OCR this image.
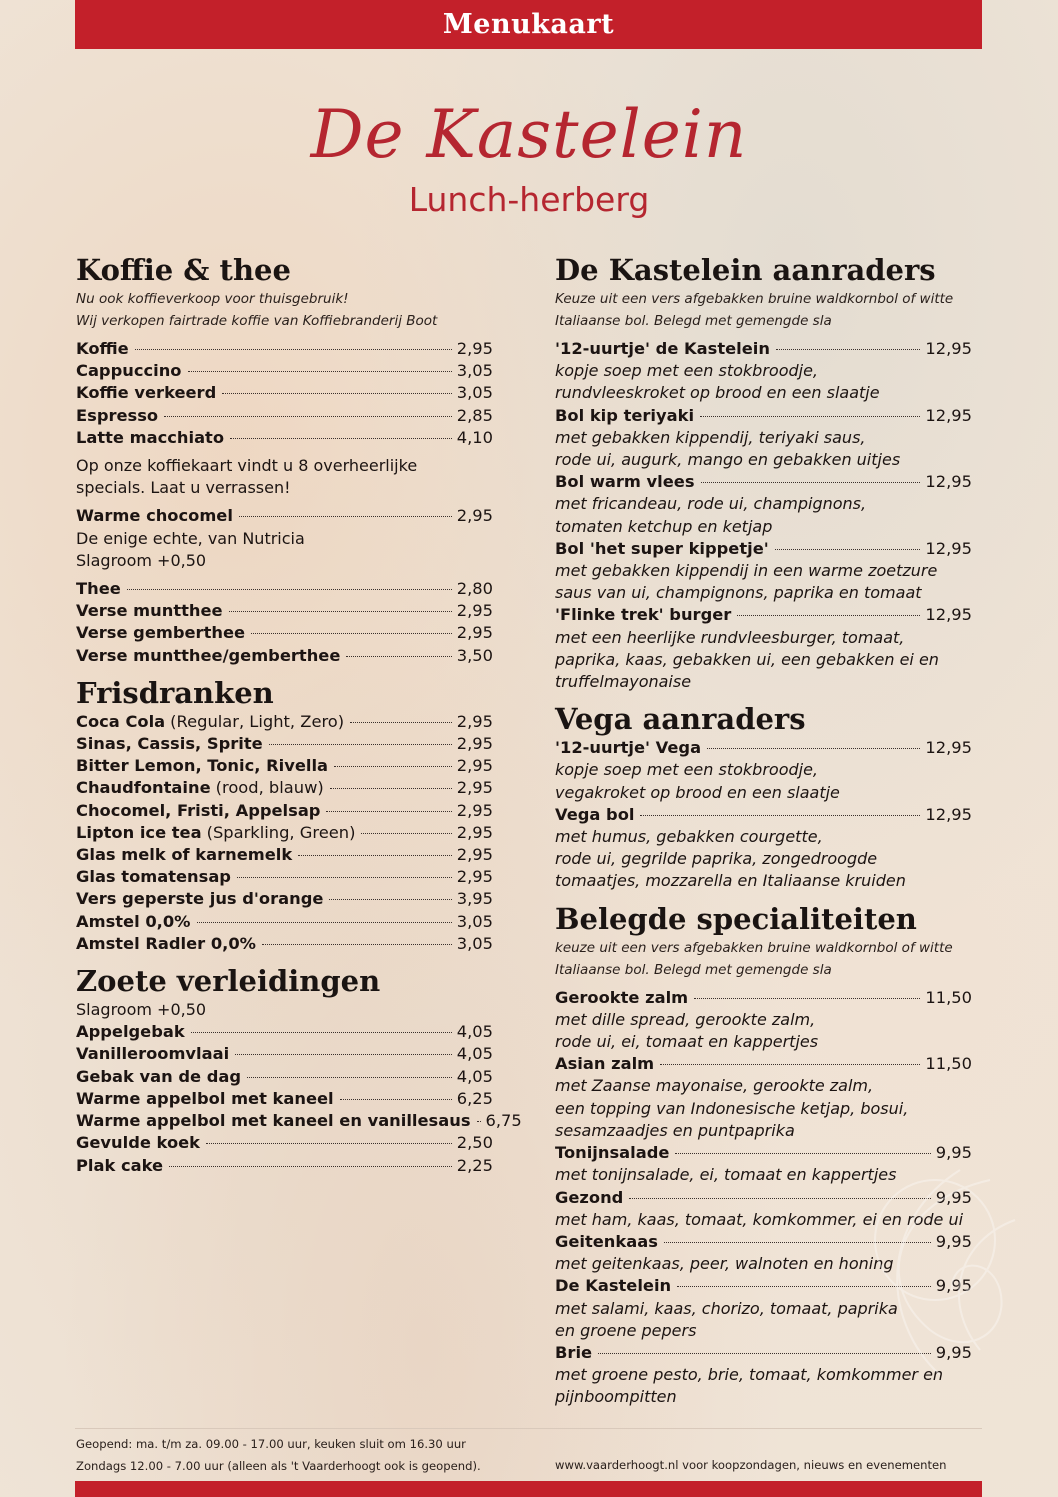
Menukaart
De Kastelein
Lunch-herberg
Koffie & thee
Nu ook koffieverkoop voor thuisgebruik!
Wij verkopen fairtrade koffie van Koffiebranderij Boot
Koffie	2,95
Cappuccino	3,05
Koffie verkeerd	3,05
Espresso	2,85
Latte macchiato	4,10
Op onze koffiekaart vindt u 8 overheerlijke
specials. Laat u verrassen!
Warme chocomel	2,95
De enige echte, van Nutricia
Slagroom +0,50
Thee	2,80
Verse muntthee	2,95
Verse gemberthee	2,95
Verse muntthee/gemberthee	3,50
Frisdranken
Coca Cola (Regular, Light, Zero)	2,95
Sinas, Cassis, Sprite	2,95
Bitter Lemon, Tonic, Rivella	2,95
Chaudfontaine (rood, blauw)	2,95
Chocomel, Fristi, Appelsap	2,95
Lipton ice tea (Sparkling, Green)	2,95
Glas melk of karnemelk	2,95
Glas tomatensap	2,95
Vers geperste jus d'orange	3,95
Amstel 0,0%	3,05
Amstel Radler 0,0%	3,05
Zoete verleidingen
Slagroom +0,50
Appelgebak	4,05
Vanilleroomvlaai	4,05
Gebak van de dag	4,05
Warme appelbol met kaneel	6,25
Warme appelbol met kaneel en vanillesaus 6,75
Gevulde koek	2,50
Plak cake	2,25
De Kastelein aanraders
Keuze uit een vers afgebakken bruine waldkornbol of witte
Italiaanse bol. Belegd met gemengde sla
'12-uurtje' de Kastelein	12,95
kopje soep met een stokbroodje,
rundvleeskroket op brood en een slaatje
Bol kip teriyaki	12,95
met gebakken kippendij, teriyaki saus,
rode ui, augurk, mango en gebakken uitjes
Bol warm vlees	12,95
met fricandeau, rode ui, champignons,
tomaten ketchup en ketjap
Bol 'het super kippetje'	12,95
met gebakken kippendij in een warme zoetzure
saus van ui, champignons, paprika en tomaat
'Flinke trek' burger	12,95
met een heerlijke rundvleesburger, tomaat,
paprika, kaas, gebakken ui, een gebakken ei en
truffelmayonaise
Vega aanraders
'12-uurtje' Vega	12,95
kopje soep met een stokbroodje,
vegakroket op brood en een slaatje
Vega bol	12,95
met humus, gebakken courgette,
rode ui, gegrilde paprika, zongedroogde
tomaatjes, mozzarella en Italiaanse kruiden
Belegde specialiteiten
keuze uit een vers afgebakken bruine waldkornbol of witte
Italiaanse bol. Belegd met gemengde sla
Gerookte zalm	11,50
met dille spread, gerookte zalm,
rode ui, ei, tomaat en kappertjes
Asian zalm	11,50
met Zaanse mayonaise, gerookte zalm,
een topping van Indonesische ketjap, bosui,
sesamzaadjes en puntpaprika
Tonijnsalade	9,95
met tonijnsalade, ei, tomaat en kappertjes
Gezond	9,95
met ham, kaas, tomaat, komkommer, ei en rode ui
Geitenkaas	9,95
met geitenkaas, peer, walnoten en honing
De Kastelein	9,95
met salami, kaas, chorizo, tomaat, paprika
en groene pepers
Brie	9,95
met groene pesto, brie, tomaat, komkommer en
pijnboompitten
Geopend: ma. t/m za. 09.00 - 17.00 uur, keuken sluit om 16.30 uur
Zondags 12.00 - 7.00 uur (alleen als 't Vaarderhoogt ook is geopend).	www.vaarderhoogt.nl voor koopzondagen, nieuws en evenementen
